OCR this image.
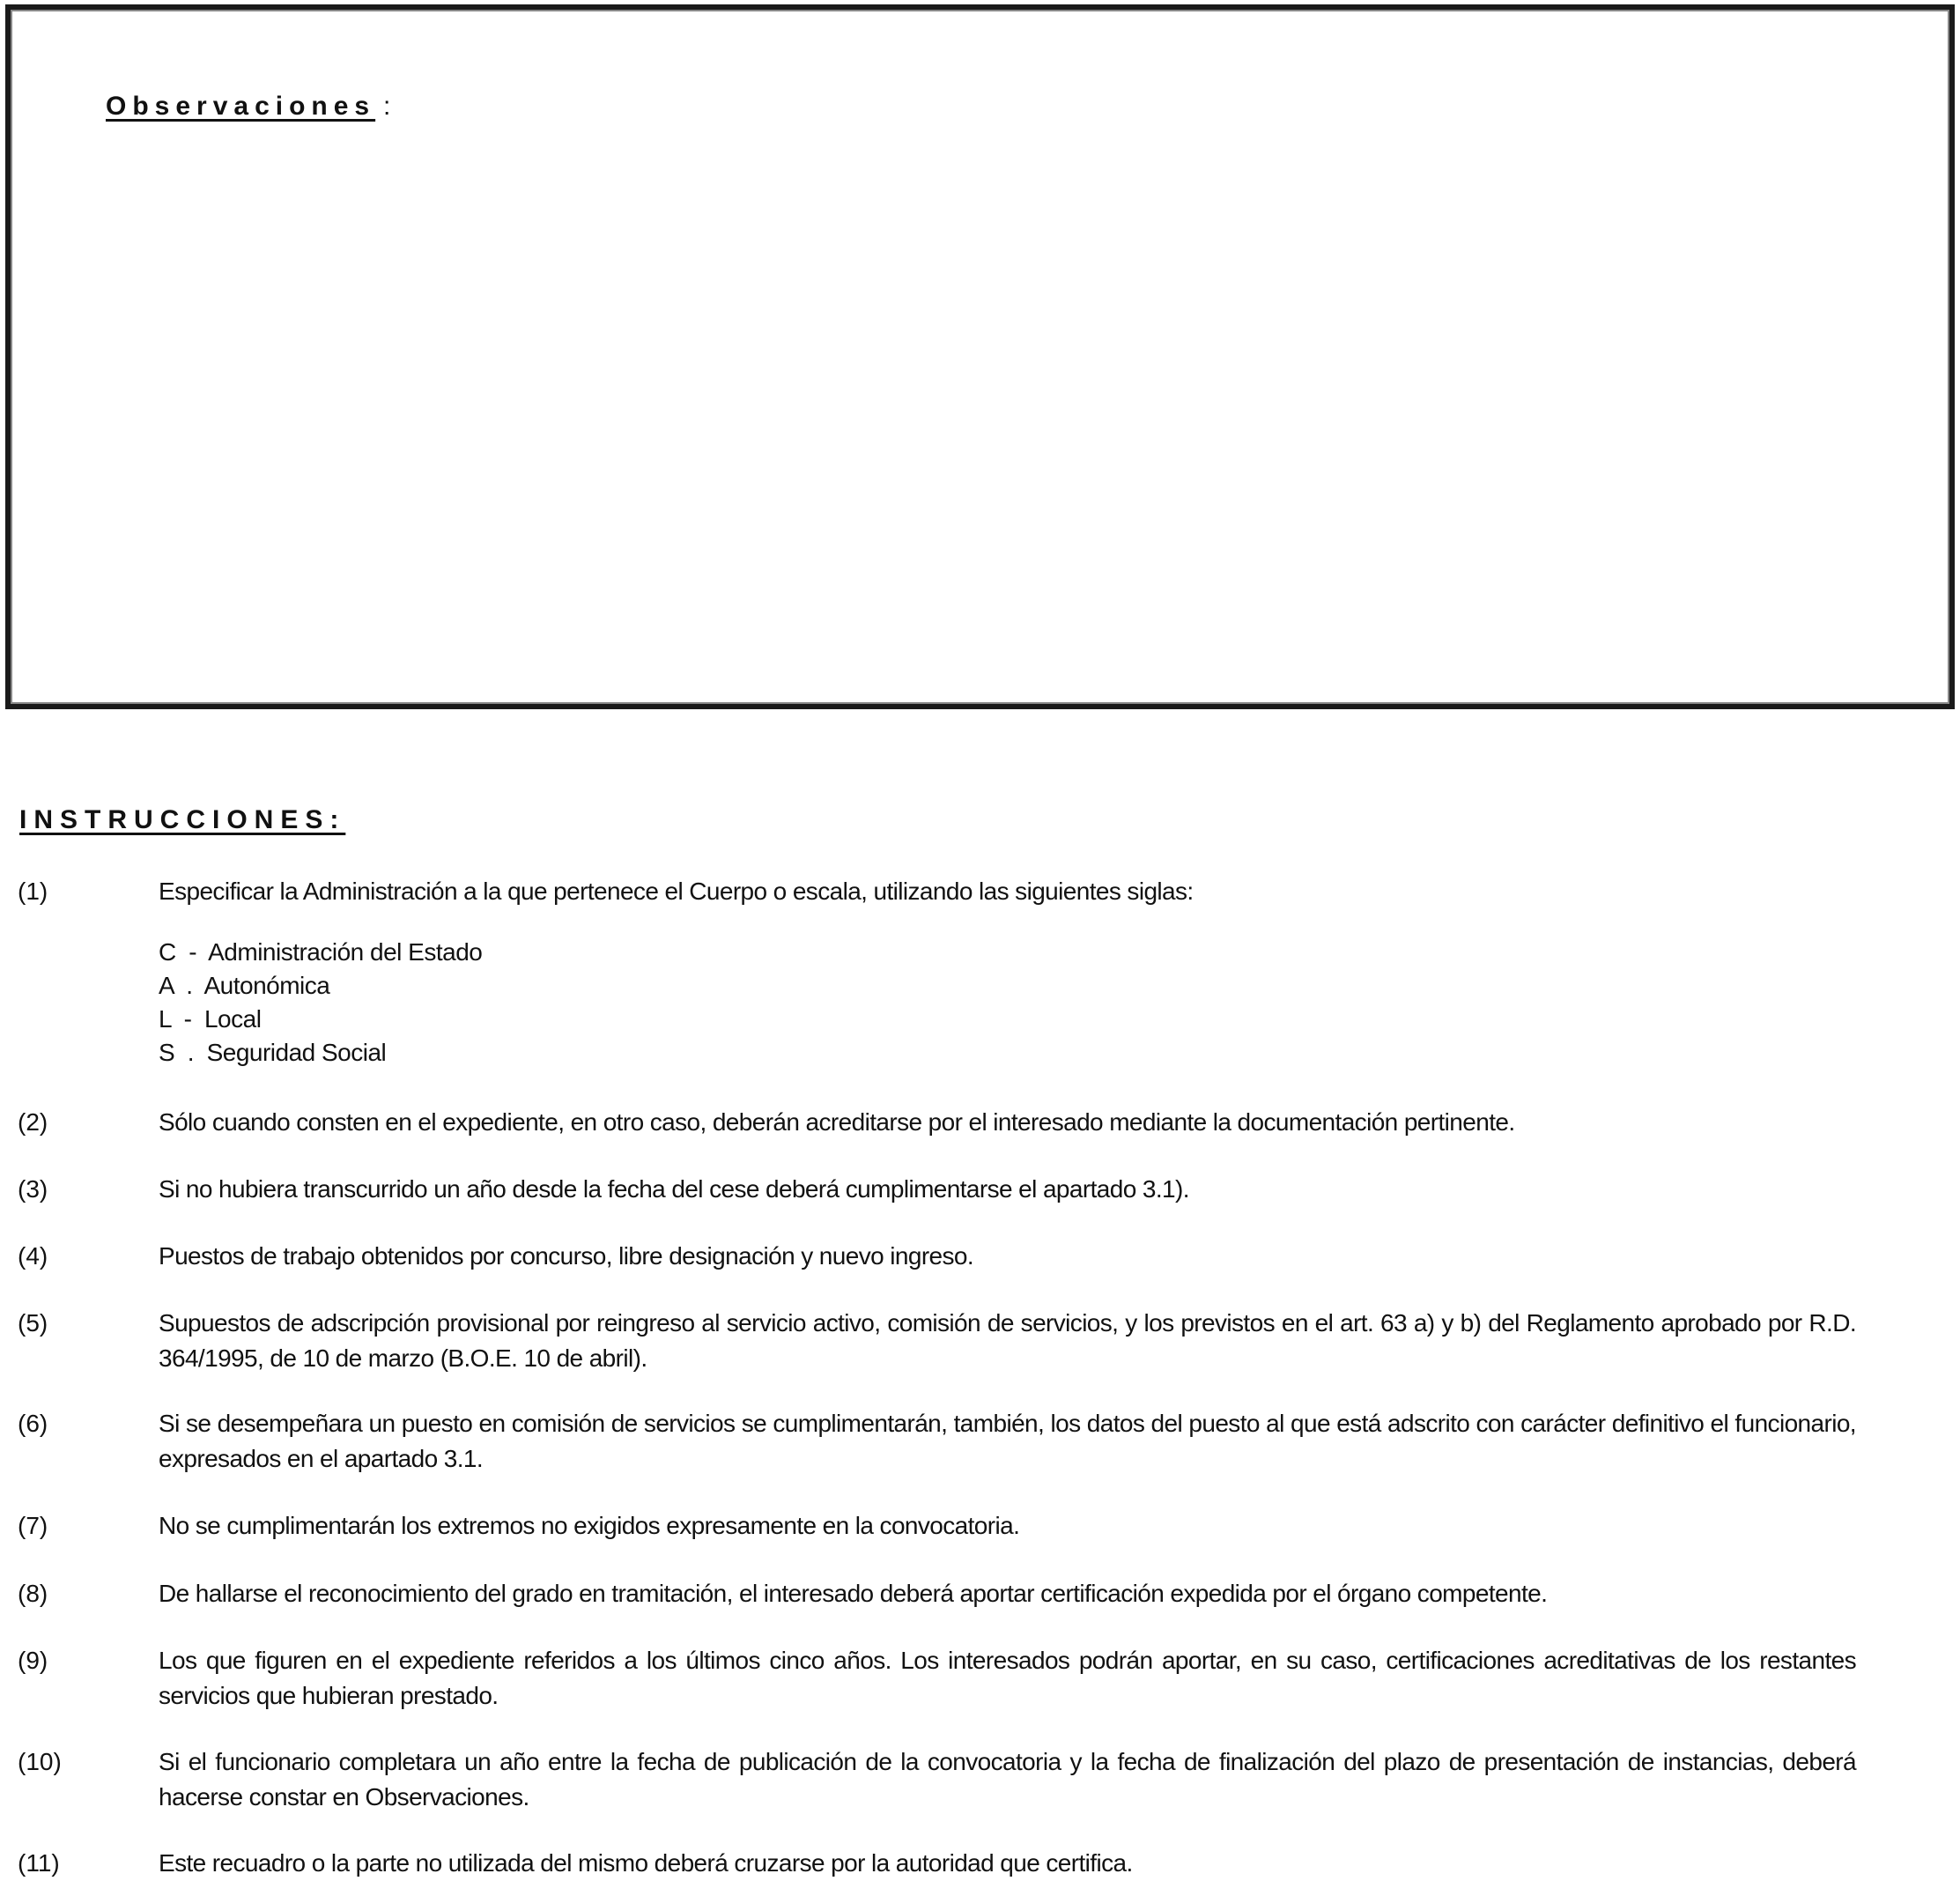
Observaciones :
INSTRUCCIONES:
(1)	Especificar la Administración a la que pertenece el Cuerpo o escala, utilizando las siguientes siglas:
C  -  Administración del Estado
A  .  Autonómica
L  -  Local
S  .  Seguridad Social
(2)	Sólo cuando consten en el expediente, en otro caso, deberán acreditarse por el interesado mediante la documentación pertinente.
(3)	Si no hubiera transcurrido un año desde la fecha del cese deberá cumplimentarse el apartado 3.1).
(4)	Puestos de trabajo obtenidos por concurso, libre designación y nuevo ingreso.
(5)	Supuestos de adscripción provisional por reingreso al servicio activo, comisión de servicios, y los previstos en el art. 63 a) y b) del Reglamento aprobado por R.D. 364/1995, de 10 de marzo (B.O.E. 10 de abril).
(6)	Si se desempeñara un puesto en comisión de servicios se cumplimentarán, también, los datos del puesto al que está adscrito con carácter definitivo el funcionario, expresados en el apartado 3.1.
(7)	No se cumplimentarán los extremos no exigidos expresamente en la convocatoria.
(8)	De hallarse el reconocimiento del grado en tramitación, el interesado deberá aportar certificación expedida por el órgano competente.
(9)	Los que figuren en el expediente referidos a los últimos cinco años. Los interesados podrán aportar, en su caso, certificaciones acreditativas de los restantes servicios que hubieran prestado.
(10)	Si el funcionario completara un año entre la fecha de publicación de la convocatoria y la fecha de finalización del plazo de presentación de instancias, deberá hacerse constar en Observaciones.
(11)	Este recuadro o la parte no utilizada del mismo deberá cruzarse por la autoridad que certifica.
